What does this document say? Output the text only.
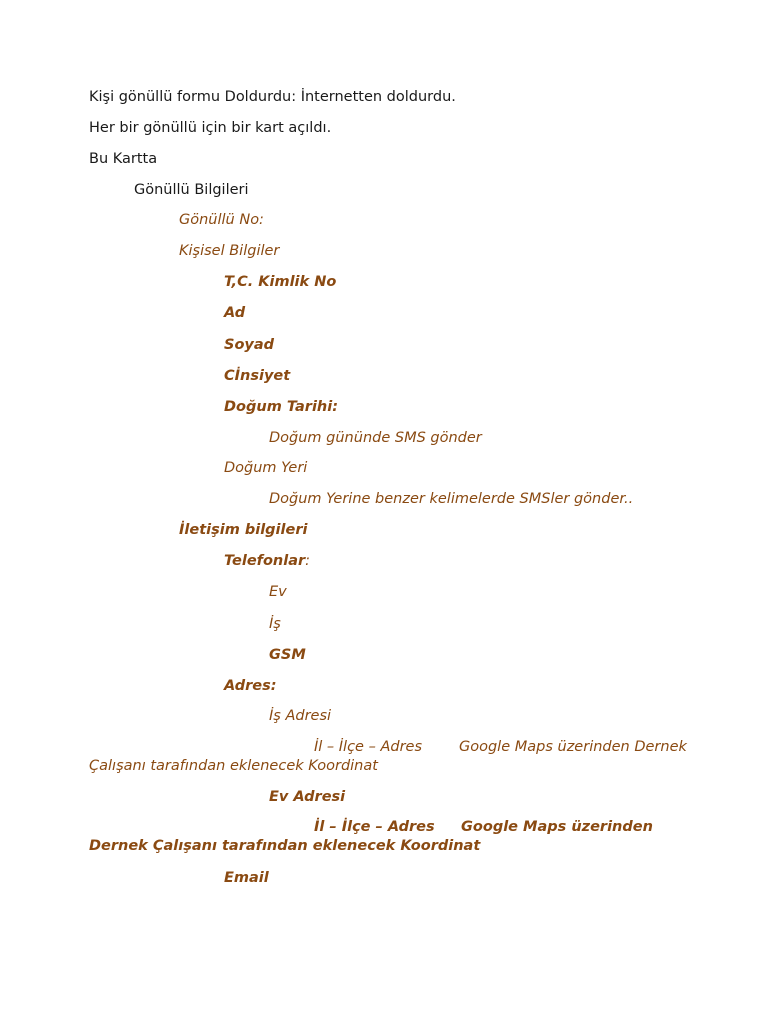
Kişi gönüllü formu Doldurdu: İnternetten doldurdu.
Her bir gönüllü için bir kart açıldı.
Bu Kartta
Gönüllü Bilgileri
Gönüllü No:
Kişisel Bilgiler
T,C. Kimlik No
Ad
Soyad
Cİnsiyet
Doğum Tarihi:
Doğum gününde SMS gönder
Doğum Yeri
Doğum Yerine benzer kelimelerde SMSler gönder..
İletişim bilgileri
Telefonlar:
Ev
İş
GSM
Adres:
İş Adresi
İl – İlçe – Adres	Google Maps üzerinden Dernek
Çalışanı tarafından eklenecek Koordinat
Ev Adresi
İl – İlçe – Adres Google Maps üzerinden
Dernek Çalışanı tarafından eklenecek Koordinat
Email
